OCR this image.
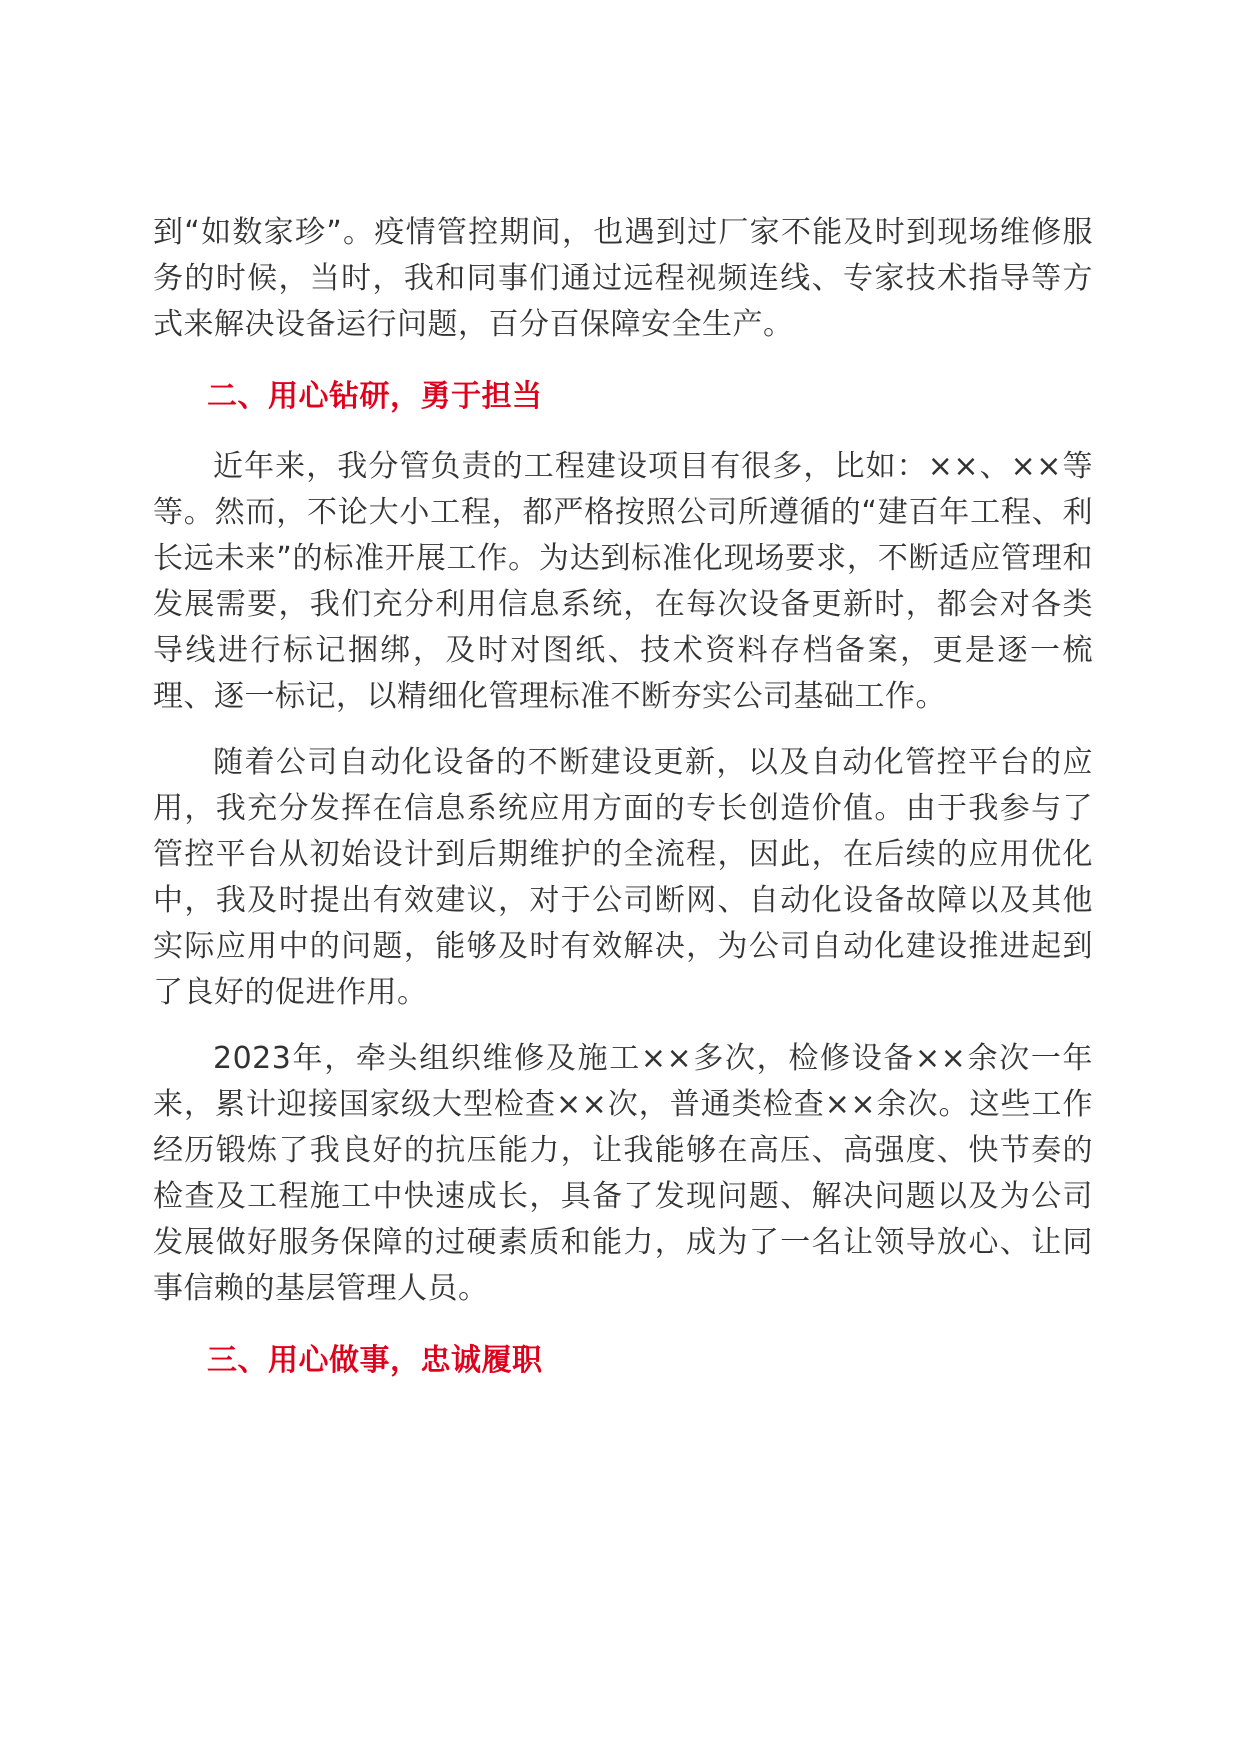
到“如数家珍”。疫情管控期间，也遇到过厂家不能及时到现场维修服务的时候，当时，我和同事们通过远程视频连线、专家技术指导等方式来解决设备运行问题，百分百保障安全生产。

二、用心钻研，勇于担当

近年来，我分管负责的工程建设项目有很多，比如：××、××等等。然而，不论大小工程，都严格按照公司所遵循的“建百年工程、利长远未来”的标准开展工作。为达到标准化现场要求，不断适应管理和发展需要，我们充分利用信息系统，在每次设备更新时，都会对各类导线进行标记捆绑，及时对图纸、技术资料存档备案，更是逐一梳理、逐一标记，以精细化管理标准不断夯实公司基础工作。

随着公司自动化设备的不断建设更新，以及自动化管控平台的应用，我充分发挥在信息系统应用方面的专长创造价值。由于我参与了管控平台从初始设计到后期维护的全流程，因此，在后续的应用优化中，我及时提出有效建议，对于公司断网、自动化设备故障以及其他实际应用中的问题，能够及时有效解决，为公司自动化建设推进起到了良好的促进作用。

2023年，牵头组织维修及施工××多次，检修设备××余次一年来，累计迎接国家级大型检查××次，普通类检查××余次。这些工作经历锻炼了我良好的抗压能力，让我能够在高压、高强度、快节奏的检查及工程施工中快速成长，具备了发现问题、解决问题以及为公司发展做好服务保障的过硬素质和能力，成为了一名让领导放心、让同事信赖的基层管理人员。

三、用心做事，忠诚履职
